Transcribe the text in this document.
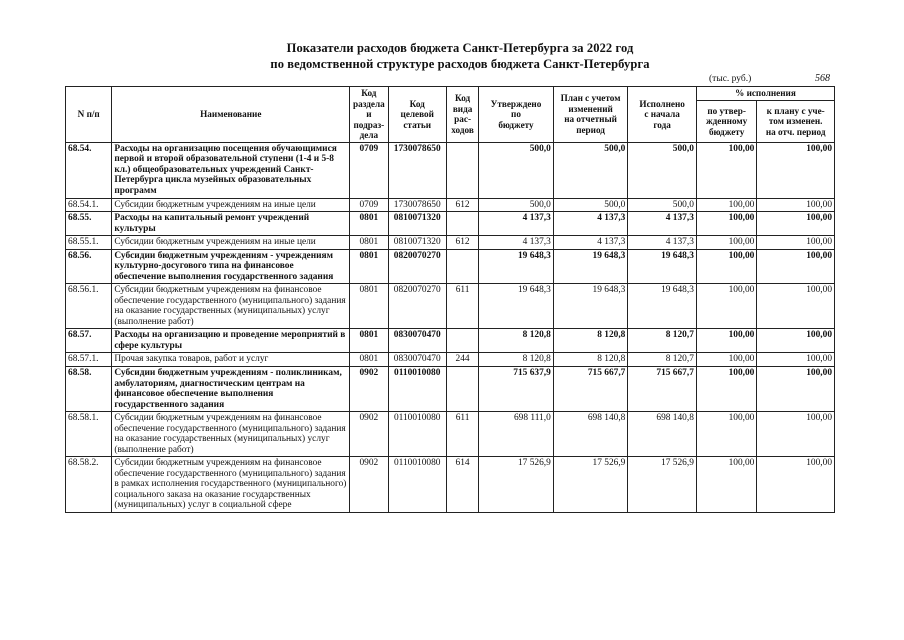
Показатели расходов бюджета Санкт-Петербурга за 2022 год
по ведомственной структуре расходов бюджета Санкт-Петербурга
(тыс. руб.)	568
N п/п	Наименование	Код
раздела и
подраз-
дела	Код
целевой
статьи	Код
вида
рас-
ходов	Утверждено
по
бюджету	План с учетом
изменений
на отчетный
период	Исполнено
с начала
года	% исполнения	
								по утвер-
жденному
бюджету	к плану с уче-
том изменен.
на отч. период
68.54.	Расходы на организацию посещения обучающимися первой и второй образовательной ступени (1-4 и 5-8 кл.) общеобразовательных учреждений Санкт-Петербурга цикла музейных образовательных программ	0709	1730078650		500,0	500,0	500,0	100,00	100,00
68.54.1.	Субсидии бюджетным учреждениям на иные цели	0709	1730078650	612	500,0	500,0	500,0	100,00	100,00
68.55.	Расходы на капитальный ремонт учреждений культуры	0801	0810071320		4 137,3	4 137,3	4 137,3	100,00	100,00
68.55.1.	Субсидии бюджетным учреждениям на иные цели	0801	0810071320	612	4 137,3	4 137,3	4 137,3	100,00	100,00
68.56.	Субсидии бюджетным учреждениям - учреждениям культурно-досугового типа на финансовое обеспечение выполнения государственного задания	0801	0820070270		19 648,3	19 648,3	19 648,3	100,00	100,00
68.56.1.	Субсидии бюджетным учреждениям на финансовое обеспечение государственного (муниципального) задания на оказание государственных (муниципальных) услуг (выполнение работ)	0801	0820070270	611	19 648,3	19 648,3	19 648,3	100,00	100,00
68.57.	Расходы на организацию и проведение мероприятий в сфере культуры	0801	0830070470		8 120,8	8 120,8	8 120,7	100,00	100,00
68.57.1.	Прочая закупка товаров, работ и услуг	0801	0830070470	244	8 120,8	8 120,8	8 120,7	100,00	100,00
68.58.	Субсидии бюджетным учреждениям - поликлиникам, амбулаториям, диагностическим центрам на финансовое обеспечение выполнения государственного задания	0902	0110010080		715 637,9	715 667,7	715 667,7	100,00	100,00
68.58.1.	Субсидии бюджетным учреждениям на финансовое обеспечение государственного (муниципального) задания на оказание государственных (муниципальных) услуг (выполнение работ)	0902	0110010080	611	698 111,0	698 140,8	698 140,8	100,00	100,00
68.58.2.	Субсидии бюджетным учреждениям на финансовое обеспечение государственного (муниципального) задания в рамках исполнения государственного (муниципального) социального заказа на оказание государственных (муниципальных) услуг в социальной сфере	0902	0110010080	614	17 526,9	17 526,9	17 526,9	100,00	100,00
